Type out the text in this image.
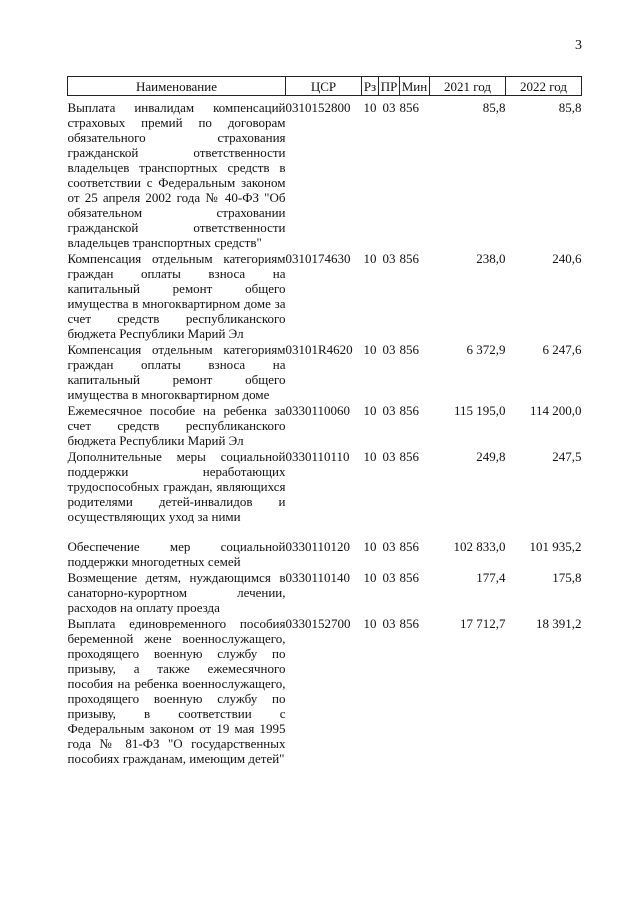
3
Наименование	ЦСР	Рз	ПР	Мин	2021 год	2022 год
Выплата инвалидам компенсаций страховых премий по договорам обязательного страхования гражданской ответственности владельцев транспортных средств в соответствии с Федеральным законом от 25 апреля 2002 года № 40-ФЗ "Об обязательном страховании гражданской ответственности владельцев транспортных средств"	0310152800	10	03	856	85,8	85,8
Компенсация отдельным категориям граждан оплаты взноса на капитальный ремонт общего имущества в многоквартирном доме за счет средств республиканского бюджета Республики Марий Эл	0310174630	10	03	856	238,0	240,6
Компенсация отдельным категориям граждан оплаты взноса на капитальный ремонт общего имущества в многоквартирном доме	03101R4620	10	03	856	6 372,9	6 247,6
Ежемесячное пособие на ребенка за счет средств республиканского бюджета Республики Марий Эл	0330110060	10	03	856	115 195,0	114 200,0
Дополнительные меры социальной поддержки неработающих трудоспособных граждан, являющихся родителями детей-инвалидов и осуществляющих уход за ними	0330110110	10	03	856	249,8	247,5
Обеспечение мер социальной поддержки многодетных семей	0330110120	10	03	856	102 833,0	101 935,2
Возмещение детям, нуждающимся в санаторно-курортном лечении, расходов на оплату проезда	0330110140	10	03	856	177,4	175,8
Выплата единовременного пособия беременной жене военнослужащего, проходящего военную службу по призыву, а также ежемесячного пособия на ребенка военнослужащего, проходящего военную службу по призыву, в соответствии с Федеральным законом от 19 мая 1995 года № 81-ФЗ "О государственных пособиях гражданам, имеющим детей"	0330152700	10	03	856	17 712,7	18 391,2
